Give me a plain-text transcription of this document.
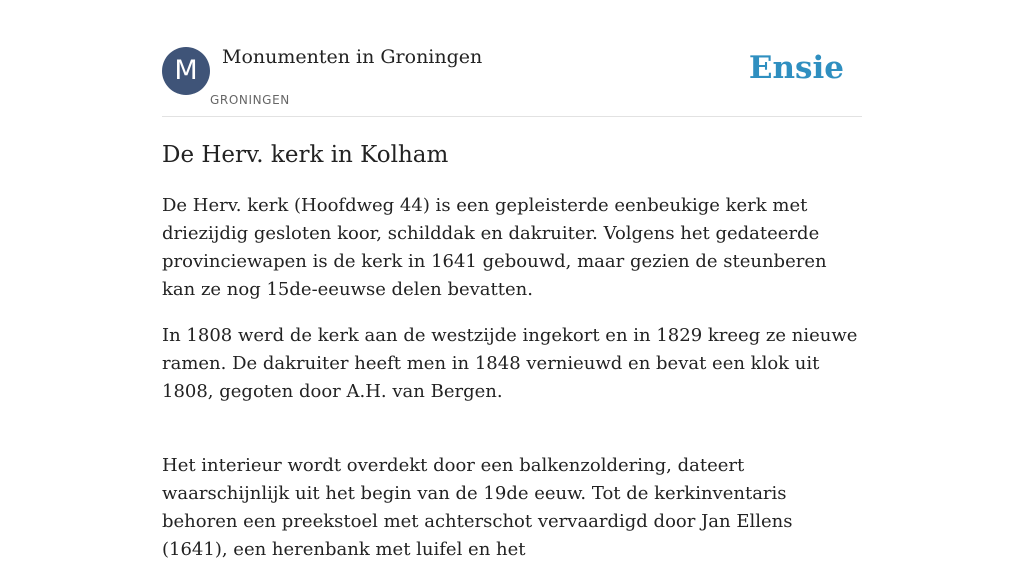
M	Monumenten in Groningen
GRONINGEN
Ensie
De Herv. kerk in Kolham

De Herv. kerk (Hoofdweg 44) is een gepleisterde eenbeukige kerk met driezijdig gesloten koor, schilddak en dakruiter. Volgens het gedateerde provinciewapen is de kerk in 1641 gebouwd, maar gezien de steunberen kan ze nog 15de-eeuwse delen bevatten.

In 1808 werd de kerk aan de westzijde ingekort en in 1829 kreeg ze nieuwe ramen. De dakruiter heeft men in 1848 vernieuwd en bevat een klok uit 1808, gegoten door A.H. van Bergen.

Het interieur wordt overdekt door een balkenzoldering, dateert waarschijnlijk uit het begin van de 19de eeuw. Tot de kerkinventaris behoren een preekstoel met achterschot vervaardigd door Jan Ellens (1641), een herenbank met luifel en het
